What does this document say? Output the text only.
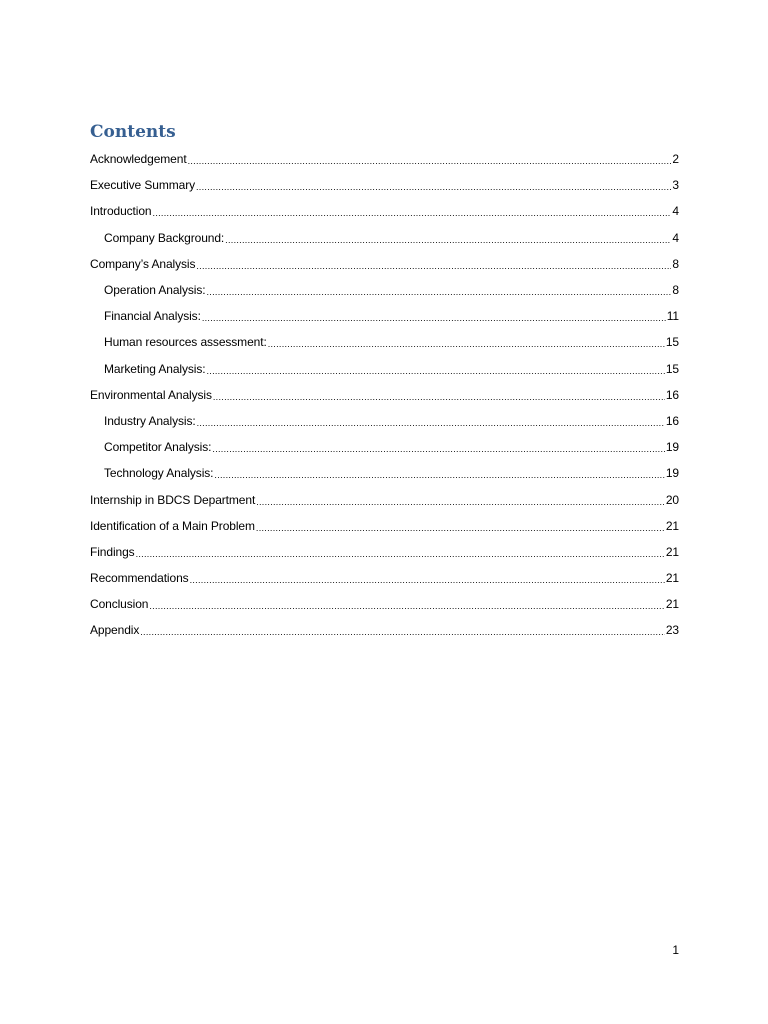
Contents
Acknowledgement .....	2
Executive Summary .....	3
Introduction .....	4
Company Background: .....	4
Company’s Analysis .....	8
Operation Analysis: .....	8
Financial Analysis: .....	11
Human resources assessment: .....	15
Marketing Analysis: .....	15
Environmental Analysis .....	16
Industry Analysis: .....	16
Competitor Analysis: .....	19
Technology Analysis: .....	19
Internship in BDCS Department .....	20
Identification of a Main Problem .....	21
Findings .....	21
Recommendations .....	21
Conclusion .....	21
Appendix .....	23
1
